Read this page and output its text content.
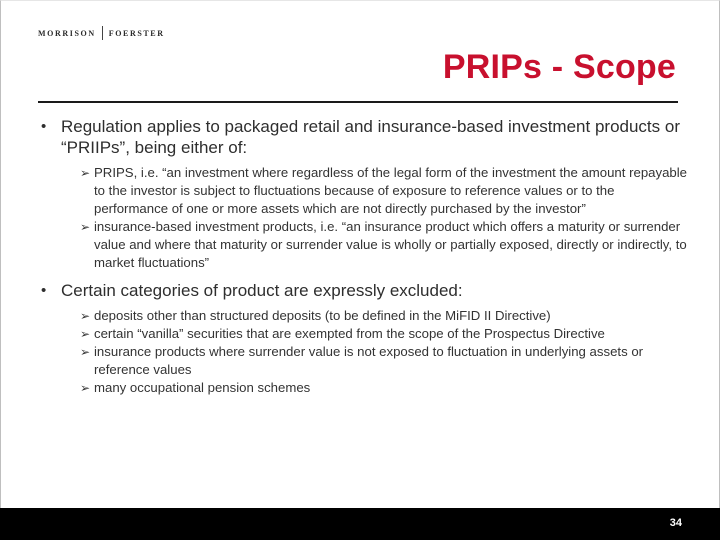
MORRISON FOERSTER
PRIPs - Scope
• Regulation applies to packaged retail and insurance-based investment products or “PRIIPs”, being either of:
➢ PRIPS, i.e. “an investment where regardless of the legal form of the investment the amount repayable to the investor is subject to fluctuations because of exposure to reference values or to the performance of one or more assets which are not directly purchased by the investor”
➢ insurance-based investment products, i.e. “an insurance product which offers a maturity or surrender value and where that maturity or surrender value is wholly or partially exposed, directly or indirectly, to market fluctuations”
• Certain categories of product are expressly excluded:
➢ deposits other than structured deposits (to be defined in the MiFID II Directive)
➢ certain “vanilla” securities that are exempted from the scope of the Prospectus Directive
➢ insurance products where surrender value is not exposed to fluctuation in underlying assets or reference values
➢ many occupational pension schemes
34
